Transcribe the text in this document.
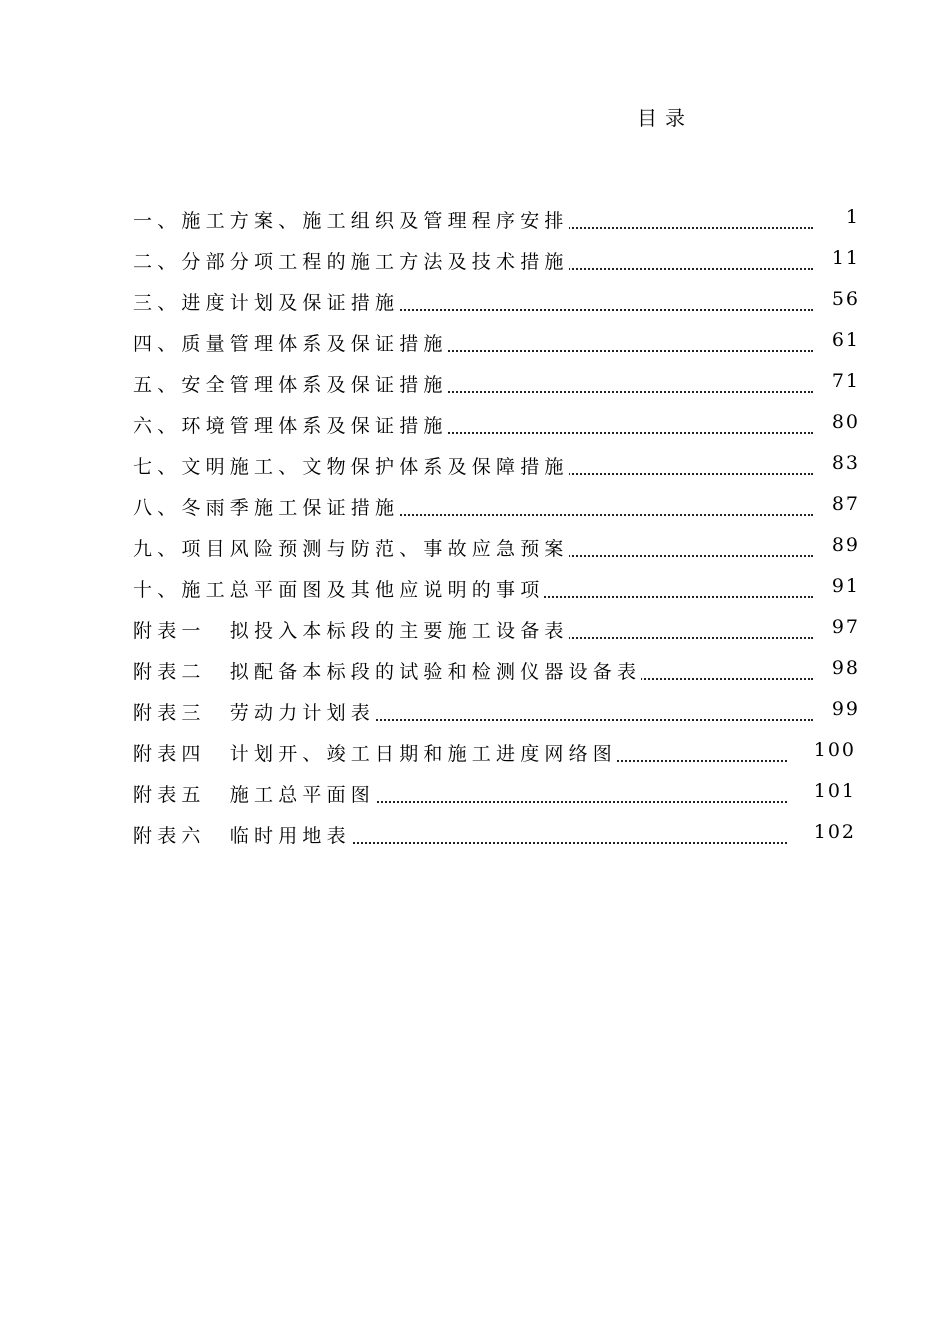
目录
一、施工方案、施工组织及管理程序安排	1
二、分部分项工程的施工方法及技术措施	11
三、进度计划及保证措施	56
四、质量管理体系及保证措施	61
五、安全管理体系及保证措施	71
六、环境管理体系及保证措施	80
七、文明施工、文物保护体系及保障措施	83
八、冬雨季施工保证措施	87
九、项目风险预测与防范、事故应急预案	89
十、施工总平面图及其他应说明的事项	91
附表一　拟投入本标段的主要施工设备表	97
附表二　拟配备本标段的试验和检测仪器设备表	98
附表三　劳动力计划表	99
附表四　计划开、竣工日期和施工进度网络图	100
附表五　施工总平面图	101
附表六　临时用地表	102
